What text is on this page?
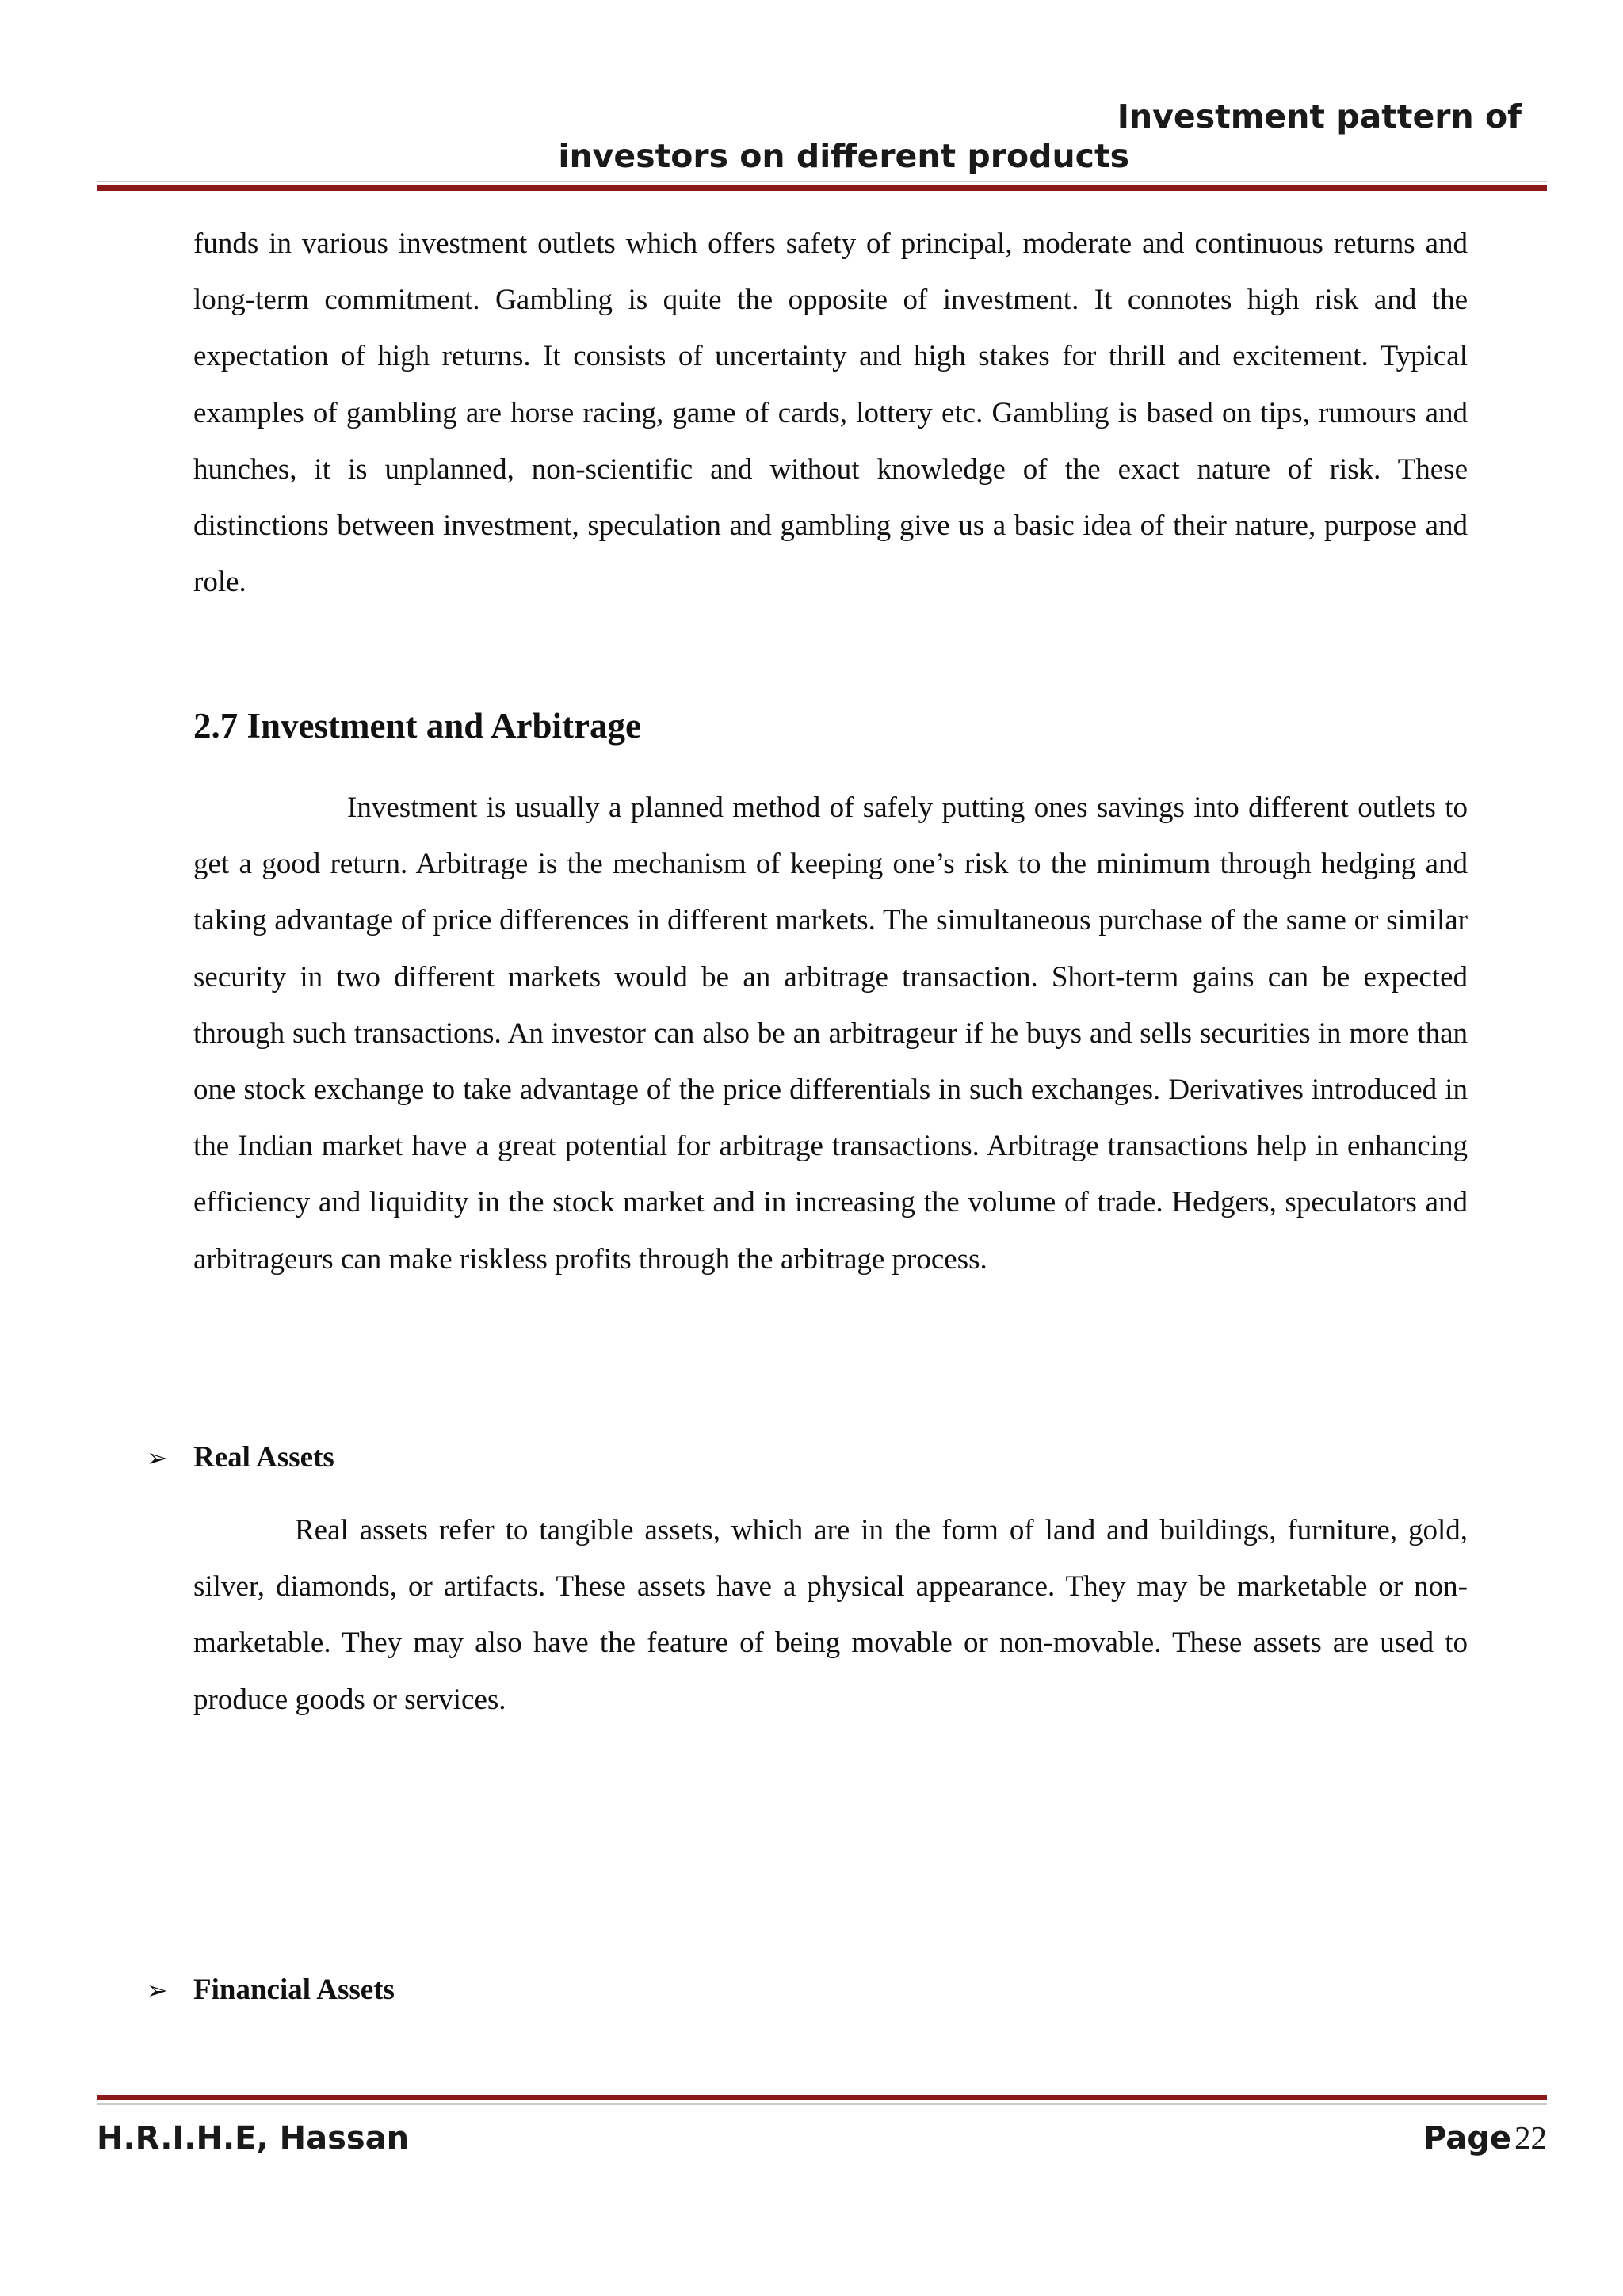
Investment pattern of
investors on different products

funds in various investment outlets which offers safety of principal, moderate and continuous returns and long-term commitment. Gambling is quite the opposite of investment. It connotes high risk and the expectation of high returns. It consists of uncertainty and high stakes for thrill and excitement. Typical examples of gambling are horse racing, game of cards, lottery etc. Gambling is based on tips, rumours and hunches, it is unplanned, non-scientific and without knowledge of the exact nature of risk. These distinctions between investment, speculation and gambling give us a basic idea of their nature, purpose and role.

2.7 Investment and Arbitrage

Investment is usually a planned method of safely putting ones savings into different outlets to get a good return. Arbitrage is the mechanism of keeping one’s risk to the minimum through hedging and taking advantage of price differences in different markets. The simultaneous purchase of the same or similar security in two different markets would be an arbitrage transaction. Short-term gains can be expected through such transactions. An investor can also be an arbitrageur if he buys and sells securities in more than one stock exchange to take advantage of the price differentials in such exchanges. Derivatives introduced in the Indian market have a great potential for arbitrage transactions. Arbitrage transactions help in enhancing efficiency and liquidity in the stock market and in increasing the volume of trade. Hedgers, speculators and arbitrageurs can make riskless profits through the arbitrage process.

➢ Real Assets

Real assets refer to tangible assets, which are in the form of land and buildings, furniture, gold, silver, diamonds, or artifacts. These assets have a physical appearance. They may be marketable or non-marketable. They may also have the feature of being movable or non-movable. These assets are used to produce goods or services.

➢ Financial Assets
H.R.I.H.E, Hassan	Page 22
